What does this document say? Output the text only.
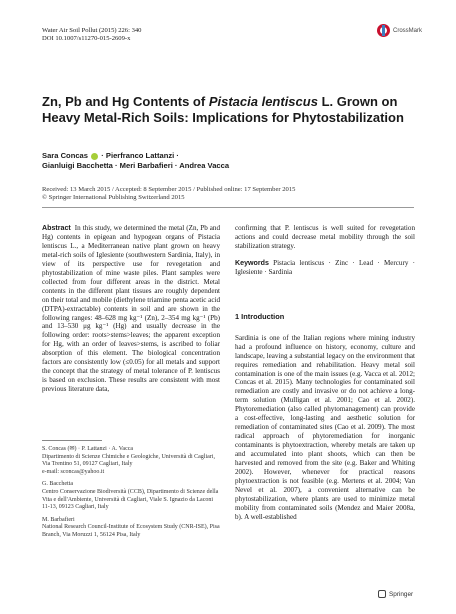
Water Air Soil Pollut (2015) 226: 340
DOI 10.1007/s11270-015-2609-x
CrossMark
Zn, Pb and Hg Contents of Pistacia lentiscus L. Grown on Heavy Metal-Rich Soils: Implications for Phytostabilization
Sara Concas  · Pierfranco Lattanzi ·
Gianluigi Bacchetta · Meri Barbafieri · Andrea Vacca
Received: 13 March 2015 / Accepted: 8 September 2015 / Published online: 17 September 2015
© Springer International Publishing Switzerland 2015
Abstract In this study, we determined the metal (Zn, Pb and Hg) contents in epigean and hypogean organs of Pistacia lentiscus L., a Mediterranean native plant grown on heavy metal-rich soils of Iglesiente (southwestern Sardinia, Italy), in view of its perspective use for revegetation and phytostabilization of mine waste piles. Plant samples were collected from four different areas in the district. Metal contents in the different plant tissues are roughly dependent on their total and mobile (diethylene triamine penta acetic acid (DTPA)-extractable) contents in soil and are shown in the following ranges: 48–628 mg kg⁻¹ (Zn), 2–354 mg kg⁻¹ (Pb) and 13–530 μg kg⁻¹ (Hg) and usually decrease in the following order: roots>stems>leaves; the apparent exception for Hg, with an order of leaves>stems, is ascribed to foliar absorption of this element. The biological concentration factors are consistently low (≤0.05) for all metals and support the concept that the strategy of metal tolerance of P. lentiscus is based on exclusion. These results are consistent with most previous literature data,
confirming that P. lentiscus is well suited for revegetation actions and could decrease metal mobility through the soil stabilization strategy.
Keywords Pistacia lentiscus · Zinc · Lead · Mercury · Iglesiente · Sardinia
1 Introduction
Sardinia is one of the Italian regions where mining industry had a profound influence on history, economy, culture and landscape, leaving a substantial legacy on the environment that requires remediation and rehabilitation. Heavy metal soil contamination is one of the main issues (e.g. Vacca et al. 2012; Concas et al. 2015). Many technologies for contaminated soil remediation are costly and invasive or do not achieve a long-term solution (Mulligan et al. 2001; Cao et al. 2002). Phytoremediation (also called phytomanagement) can provide a cost-effective, long-lasting and aesthetic solution for remediation of contaminated sites (Cao et al. 2009). The most radical approach of phytoremediation for inorganic contaminants is phytoextraction, whereby metals are taken up and accumulated into plant shoots, which can then be harvested and removed from the site (e.g. Baker and Whiting 2002). However, whenever for practical reasons phytoextraction is not feasible (e.g. Mertens et al. 2004; Van Nevel et al. 2007), a convenient alternative can be phytostabilization, where plants are used to minimize metal mobility from contaminated soils (Mendez and Maier 2008a, b). A well-established

S. Concas (✉) · P. Lattanzi · A. Vacca
Dipartimento di Scienze Chimiche e Geologiche, Università di Cagliari, Via Trentino 51, 09127 Cagliari, Italy
e-mail: sconcas@yahoo.it

G. Bacchetta
Centro Conservazione Biodiversità (CCB), Dipartimento di Scienze della Vita e dell'Ambiente, Università di Cagliari, Viale S. Ignazio da Laconi 11-13, 09123 Cagliari, Italy

M. Barbafieri
National Research Council-Institute of Ecosystem Study (CNR-ISE), Pisa Branch, Via Moruzzi 1, 56124 Pisa, Italy

Springer
